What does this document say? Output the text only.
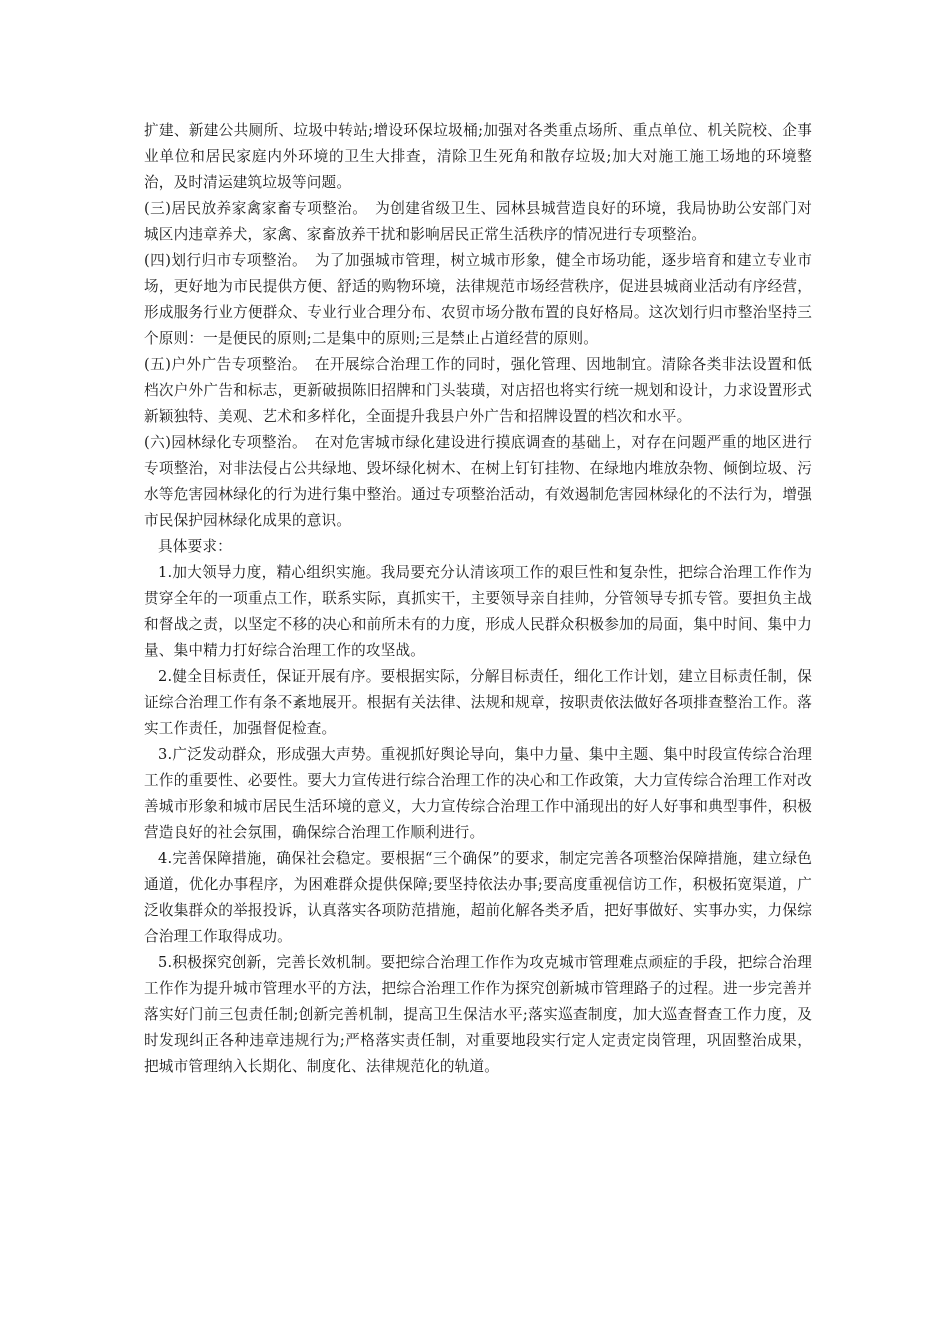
扩建、新建公共厕所、垃圾中转站;增设环保垃圾桶;加强对各类重点场所、重点单位、机关院校、企事业单位和居民家庭内外环境的卫生大排查，清除卫生死角和散存垃圾;加大对施工施工场地的环境整治，及时清运建筑垃圾等问题。

(三)居民放养家禽家畜专项整治。　为创建省级卫生、园林县城营造良好的环境，我局协助公安部门对城区内违章养犬，家禽、家畜放养干扰和影响居民正常生活秩序的情况进行专项整治。

(四)划行归市专项整治。　为了加强城市管理，树立城市形象，健全市场功能，逐步培育和建立专业市场，更好地为市民提供方便、舒适的购物环境，法律规范市场经营秩序，促进县城商业活动有序经营，形成服务行业方便群众、专业行业合理分布、农贸市场分散布置的良好格局。这次划行归市整治坚持三个原则：一是便民的原则;二是集中的原则;三是禁止占道经营的原则。

(五)户外广告专项整治。　在开展综合治理工作的同时，强化管理、因地制宜。清除各类非法设置和低档次户外广告和标志，更新破损陈旧招牌和门头装璜，对店招也将实行统一规划和设计，力求设置形式新颖独特、美观、艺术和多样化，全面提升我县户外广告和招牌设置的档次和水平。

(六)园林绿化专项整治。　在对危害城市绿化建设进行摸底调查的基础上，对存在问题严重的地区进行专项整治，对非法侵占公共绿地、毁坏绿化树木、在树上钉钉挂物、在绿地内堆放杂物、倾倒垃圾、污水等危害园林绿化的行为进行集中整治。通过专项整治活动，有效遏制危害园林绿化的不法行为，增强市民保护园林绿化成果的意识。

具体要求：

1.加大领导力度，精心组织实施。我局要充分认清该项工作的艰巨性和复杂性，把综合治理工作作为贯穿全年的一项重点工作，联系实际，真抓实干，主要领导亲自挂帅，分管领导专抓专管。要担负主战和督战之责，以坚定不移的决心和前所未有的力度，形成人民群众积极参加的局面，集中时间、集中力量、集中精力打好综合治理工作的攻坚战。

2.健全目标责任，保证开展有序。要根据实际，分解目标责任，细化工作计划，建立目标责任制，保证综合治理工作有条不紊地展开。根据有关法律、法规和规章，按职责依法做好各项排查整治工作。落实工作责任，加强督促检查。

3.广泛发动群众，形成强大声势。重视抓好舆论导向，集中力量、集中主题、集中时段宣传综合治理工作的重要性、必要性。要大力宣传进行综合治理工作的决心和工作政策，大力宣传综合治理工作对改善城市形象和城市居民生活环境的意义，大力宣传综合治理工作中涌现出的好人好事和典型事件，积极营造良好的社会氛围，确保综合治理工作顺利进行。

4.完善保障措施，确保社会稳定。要根据“三个确保”的要求，制定完善各项整治保障措施，建立绿色通道，优化办事程序，为困难群众提供保障;要坚持依法办事;要高度重视信访工作，积极拓宽渠道，广泛收集群众的举报投诉，认真落实各项防范措施，超前化解各类矛盾，把好事做好、实事办实，力保综合治理工作取得成功。

5.积极探究创新，完善长效机制。要把综合治理工作作为攻克城市管理难点顽症的手段，把综合治理工作作为提升城市管理水平的方法，把综合治理工作作为探究创新城市管理路子的过程。进一步完善并落实好门前三包责任制;创新完善机制，提高卫生保洁水平;落实巡查制度，加大巡查督查工作力度，及时发现纠正各种违章违规行为;严格落实责任制，对重要地段实行定人定责定岗管理，巩固整治成果，把城市管理纳入长期化、制度化、法律规范化的轨道。
